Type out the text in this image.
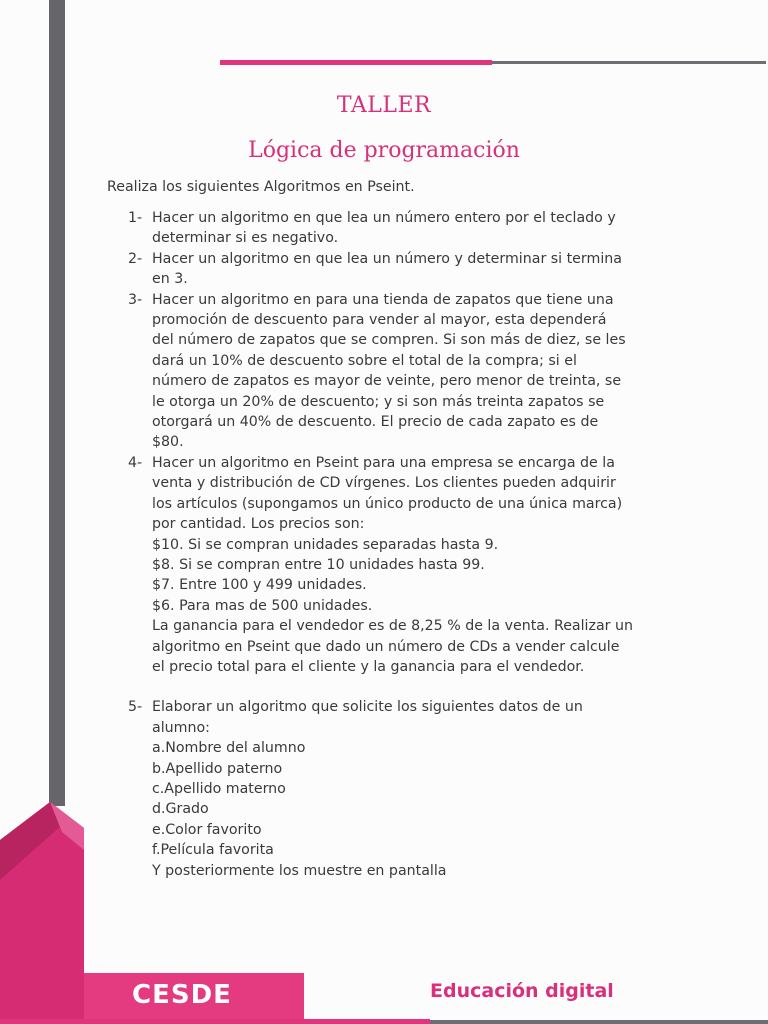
TALLER
Lógica de programación
Realiza los siguientes Algoritmos en Pseint.
1- Hacer un algoritmo en que lea un número entero por el teclado y
determinar si es negativo.
2- Hacer un algoritmo en que lea un número y determinar si termina
en 3.
3- Hacer un algoritmo en para una tienda de zapatos que tiene una
promoción de descuento para vender al mayor, esta dependerá
del número de zapatos que se compren. Si son más de diez, se les
dará un 10% de descuento sobre el total de la compra; si el
número de zapatos es mayor de veinte, pero menor de treinta, se
le otorga un 20% de descuento; y si son más treinta zapatos se
otorgará un 40% de descuento. El precio de cada zapato es de
$80.
4- Hacer un algoritmo en Pseint para una empresa se encarga de la
venta y distribución de CD vírgenes. Los clientes pueden adquirir
los artículos (supongamos un único producto de una única marca)
por cantidad. Los precios son:
$10. Si se compran unidades separadas hasta 9.
$8. Si se compran entre 10 unidades hasta 99.
$7. Entre 100 y 499 unidades.
$6. Para mas de 500 unidades.
La ganancia para el vendedor es de 8,25 % de la venta. Realizar un
algoritmo en Pseint que dado un número de CDs a vender calcule
el precio total para el cliente y la ganancia para el vendedor.
5- Elaborar un algoritmo que solicite los siguientes datos de un
alumno:
a.Nombre del alumno
b.Apellido paterno
c.Apellido materno
d.Grado
e.Color favorito
f.Película favorita
Y posteriormente los muestre en pantalla
CESDE	Educación digital
